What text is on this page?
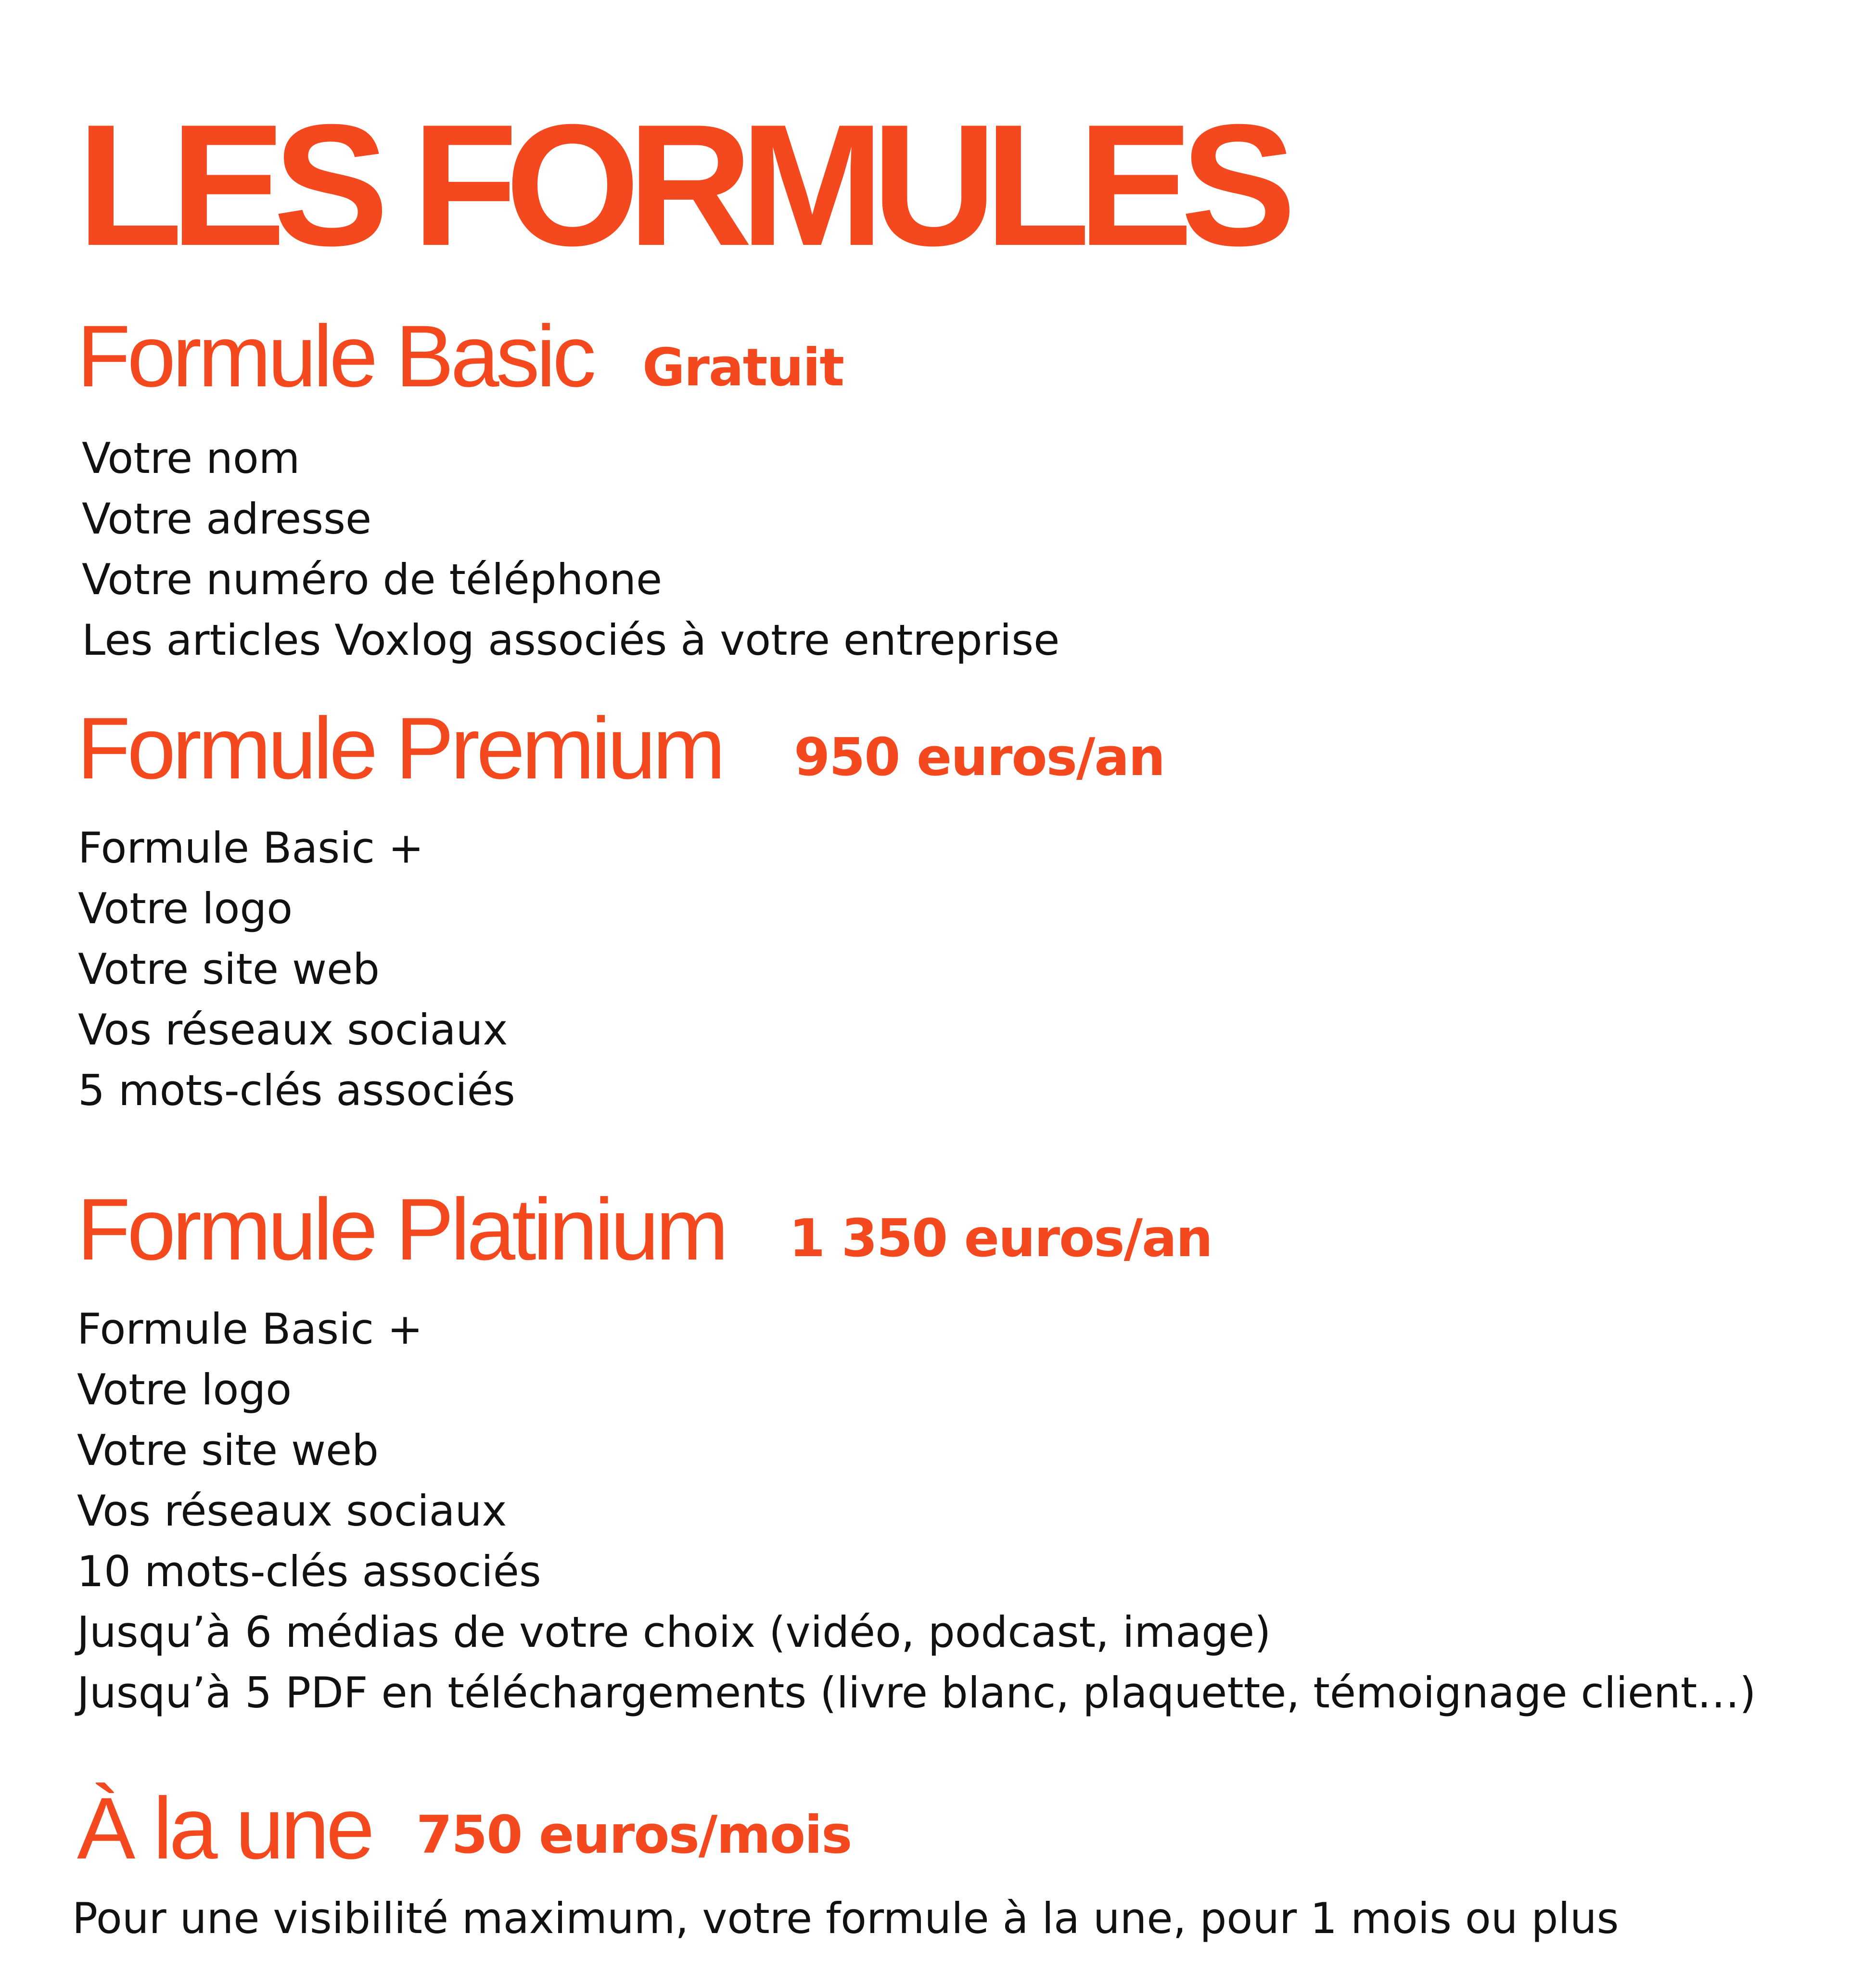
LES FORMULES
Formule Basic Gratuit
Votre nom
Votre adresse
Votre numéro de téléphone
Les articles Voxlog associés à votre entreprise
Formule Premium 950 euros/an
Formule Basic +
Votre logo
Votre site web
Vos réseaux sociaux
5 mots-clés associés
Formule Platinium 1 350 euros/an
Formule Basic +
Votre logo
Votre site web
Vos réseaux sociaux
10 mots-clés associés
Jusqu’à 6 médias de votre choix (vidéo, podcast, image)
Jusqu’à 5 PDF en téléchargements (livre blanc, plaquette, témoignage client…)
À la une 750 euros/mois

Pour une visibilité maximum, votre formule à la une, pour 1 mois ou plus
